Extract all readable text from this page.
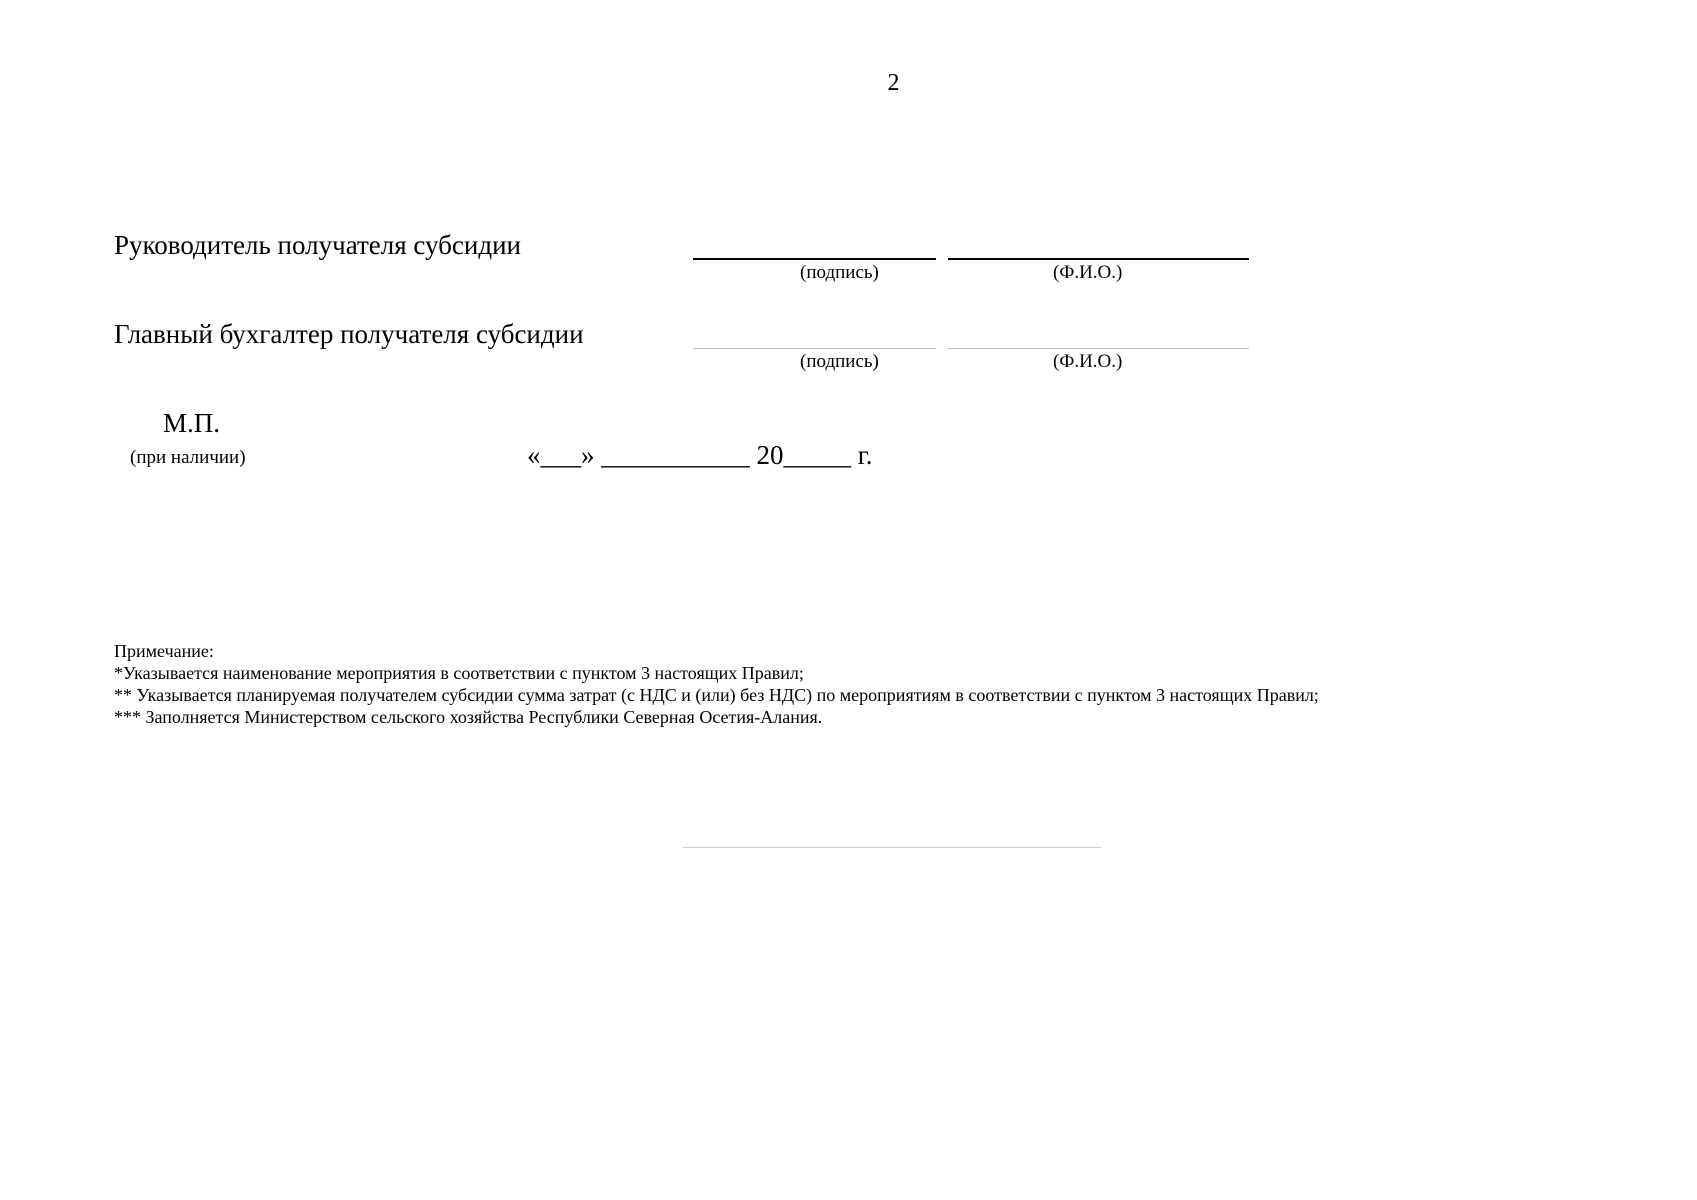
2
Руководитель получателя субсидии
(подпись)	(Ф.И.О.)
Главный бухгалтер получателя субсидии
(подпись)	(Ф.И.О.)
М.П.
(при наличии)	«___» ___________ 20_____ г.
Примечание:
*Указывается наименование мероприятия в соответствии с пунктом 3 настоящих Правил;
** Указывается планируемая получателем субсидии сумма затрат (с НДС и (или) без НДС) по мероприятиям в соответствии с пунктом 3 настоящих Правил;
*** Заполняется Министерством сельского хозяйства Республики Северная Осетия-Алания.
